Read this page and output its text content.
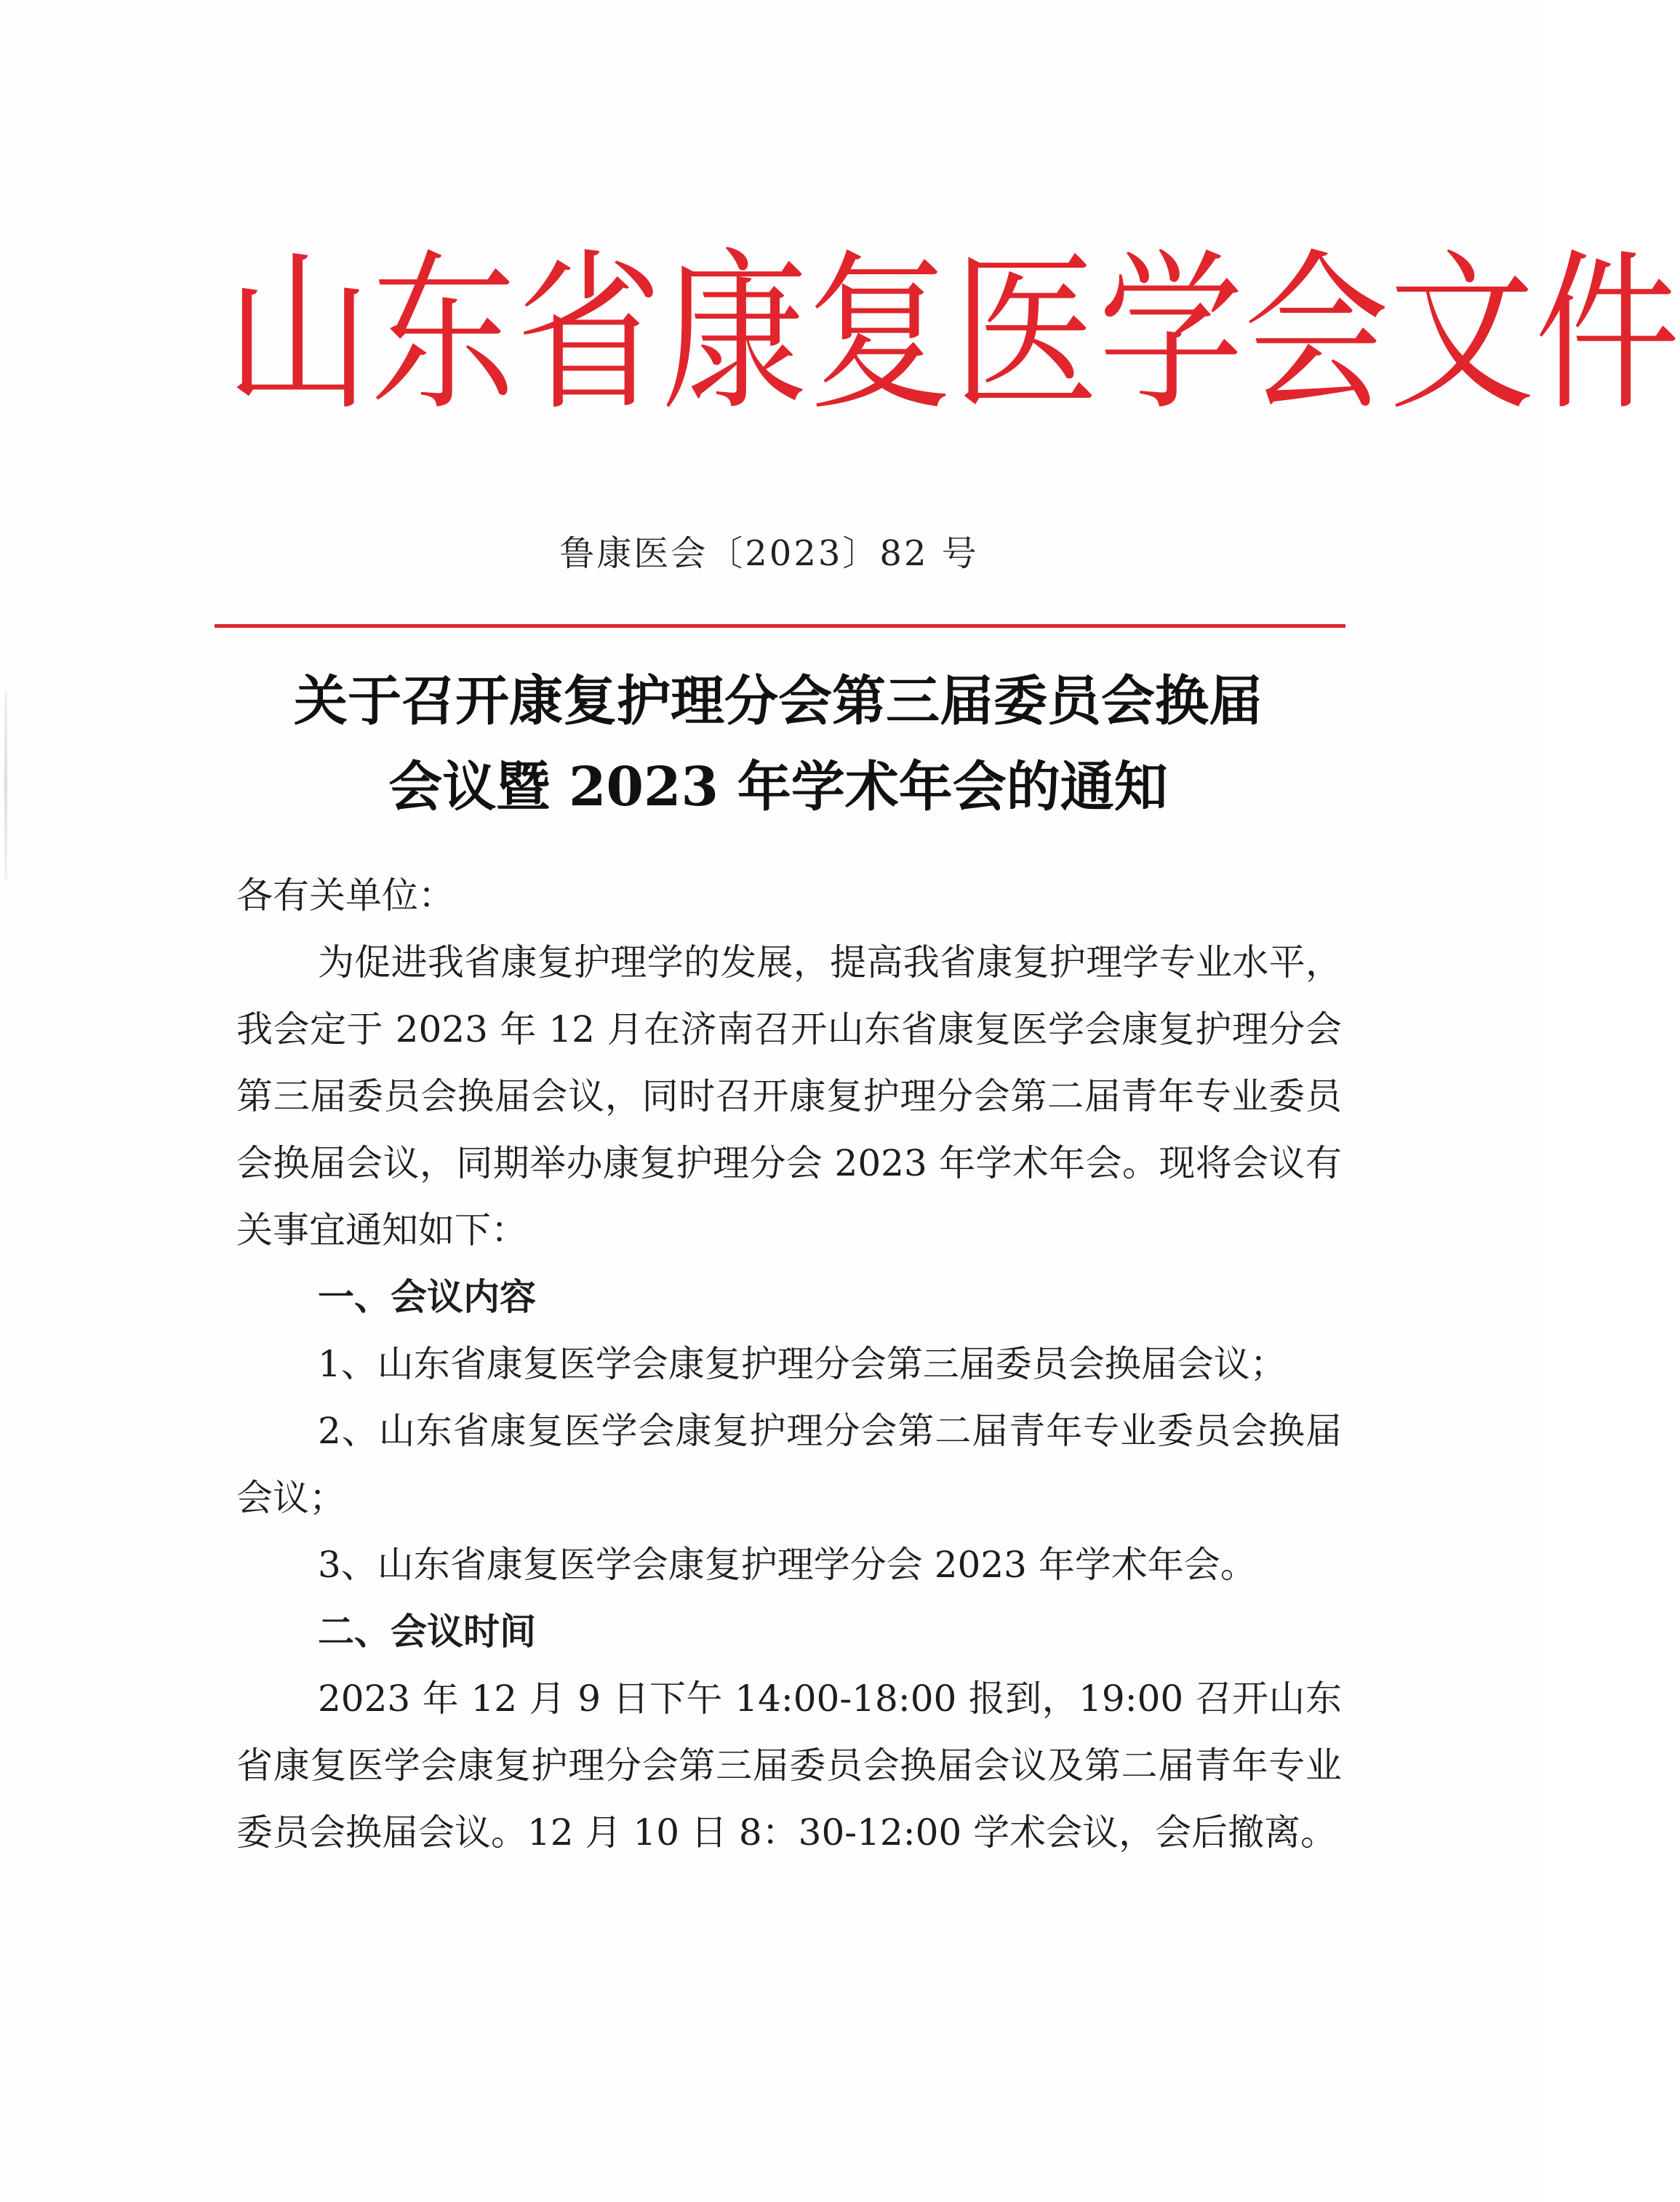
山 东 省 康 复 医 学 会 文 件
鲁康医会〔2023〕82 号
关于召开康复护理分会第三届委员会换届
会议暨 2023 年学术年会的通知

各有关单位：

为促进我省康复护理学的发展，提高我省康复护理学专业水平，我会定于 2023 年 12 月在济南召开山东省康复医学会康复护理分会第三届委员会换届会议，同时召开康复护理分会第二届青年专业委员会换届会议，同期举办康复护理分会 2023 年学术年会。现将会议有关事宜通知如下：

一、会议内容

1、山东省康复医学会康复护理分会第三届委员会换届会议；

2、山东省康复医学会康复护理分会第二届青年专业委员会换届会议；

3、山东省康复医学会康复护理学分会 2023 年学术年会。

二、会议时间

2023 年 12 月 9 日下午 14:00-18:00 报到，19:00 召开山东省康复医学会康复护理分会第三届委员会换届会议及第二届青年专业委员会换届会议。12 月 10 日 8：30-12:00 学术会议，会后撤离。
